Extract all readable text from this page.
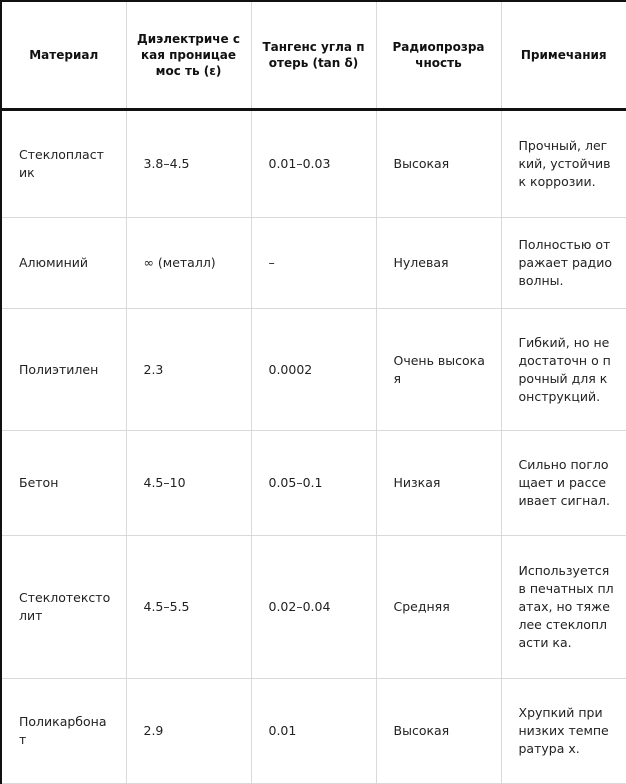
Материал	Диэлектриче ская проницаемос ть (ε)	Тангенс угла потерь (tan δ)	Радиопрозра чность	Примечания
Стеклопласт ик	3.8–4.5	0.01–0.03	Высокая	Прочный, легкий, устойчив к коррозии.
Алюминий	∞ (металл)	–	Нулевая	Полностью отражает радиоволны.
Полиэтилен	2.3	0.0002	Очень высокая	Гибкий, но недостаточн о прочный для конструкций.
Бетон	4.5–10	0.05–0.1	Низкая	Сильно поглощает и рассеивает сигнал.
Стеклотексто лит	4.5–5.5	0.02–0.04	Средняя	Используется в печатных платах, но тяжелее стеклопласти ка.
Поликарбона т	2.9	0.01	Высокая	Хрупкий при низких температура х.
